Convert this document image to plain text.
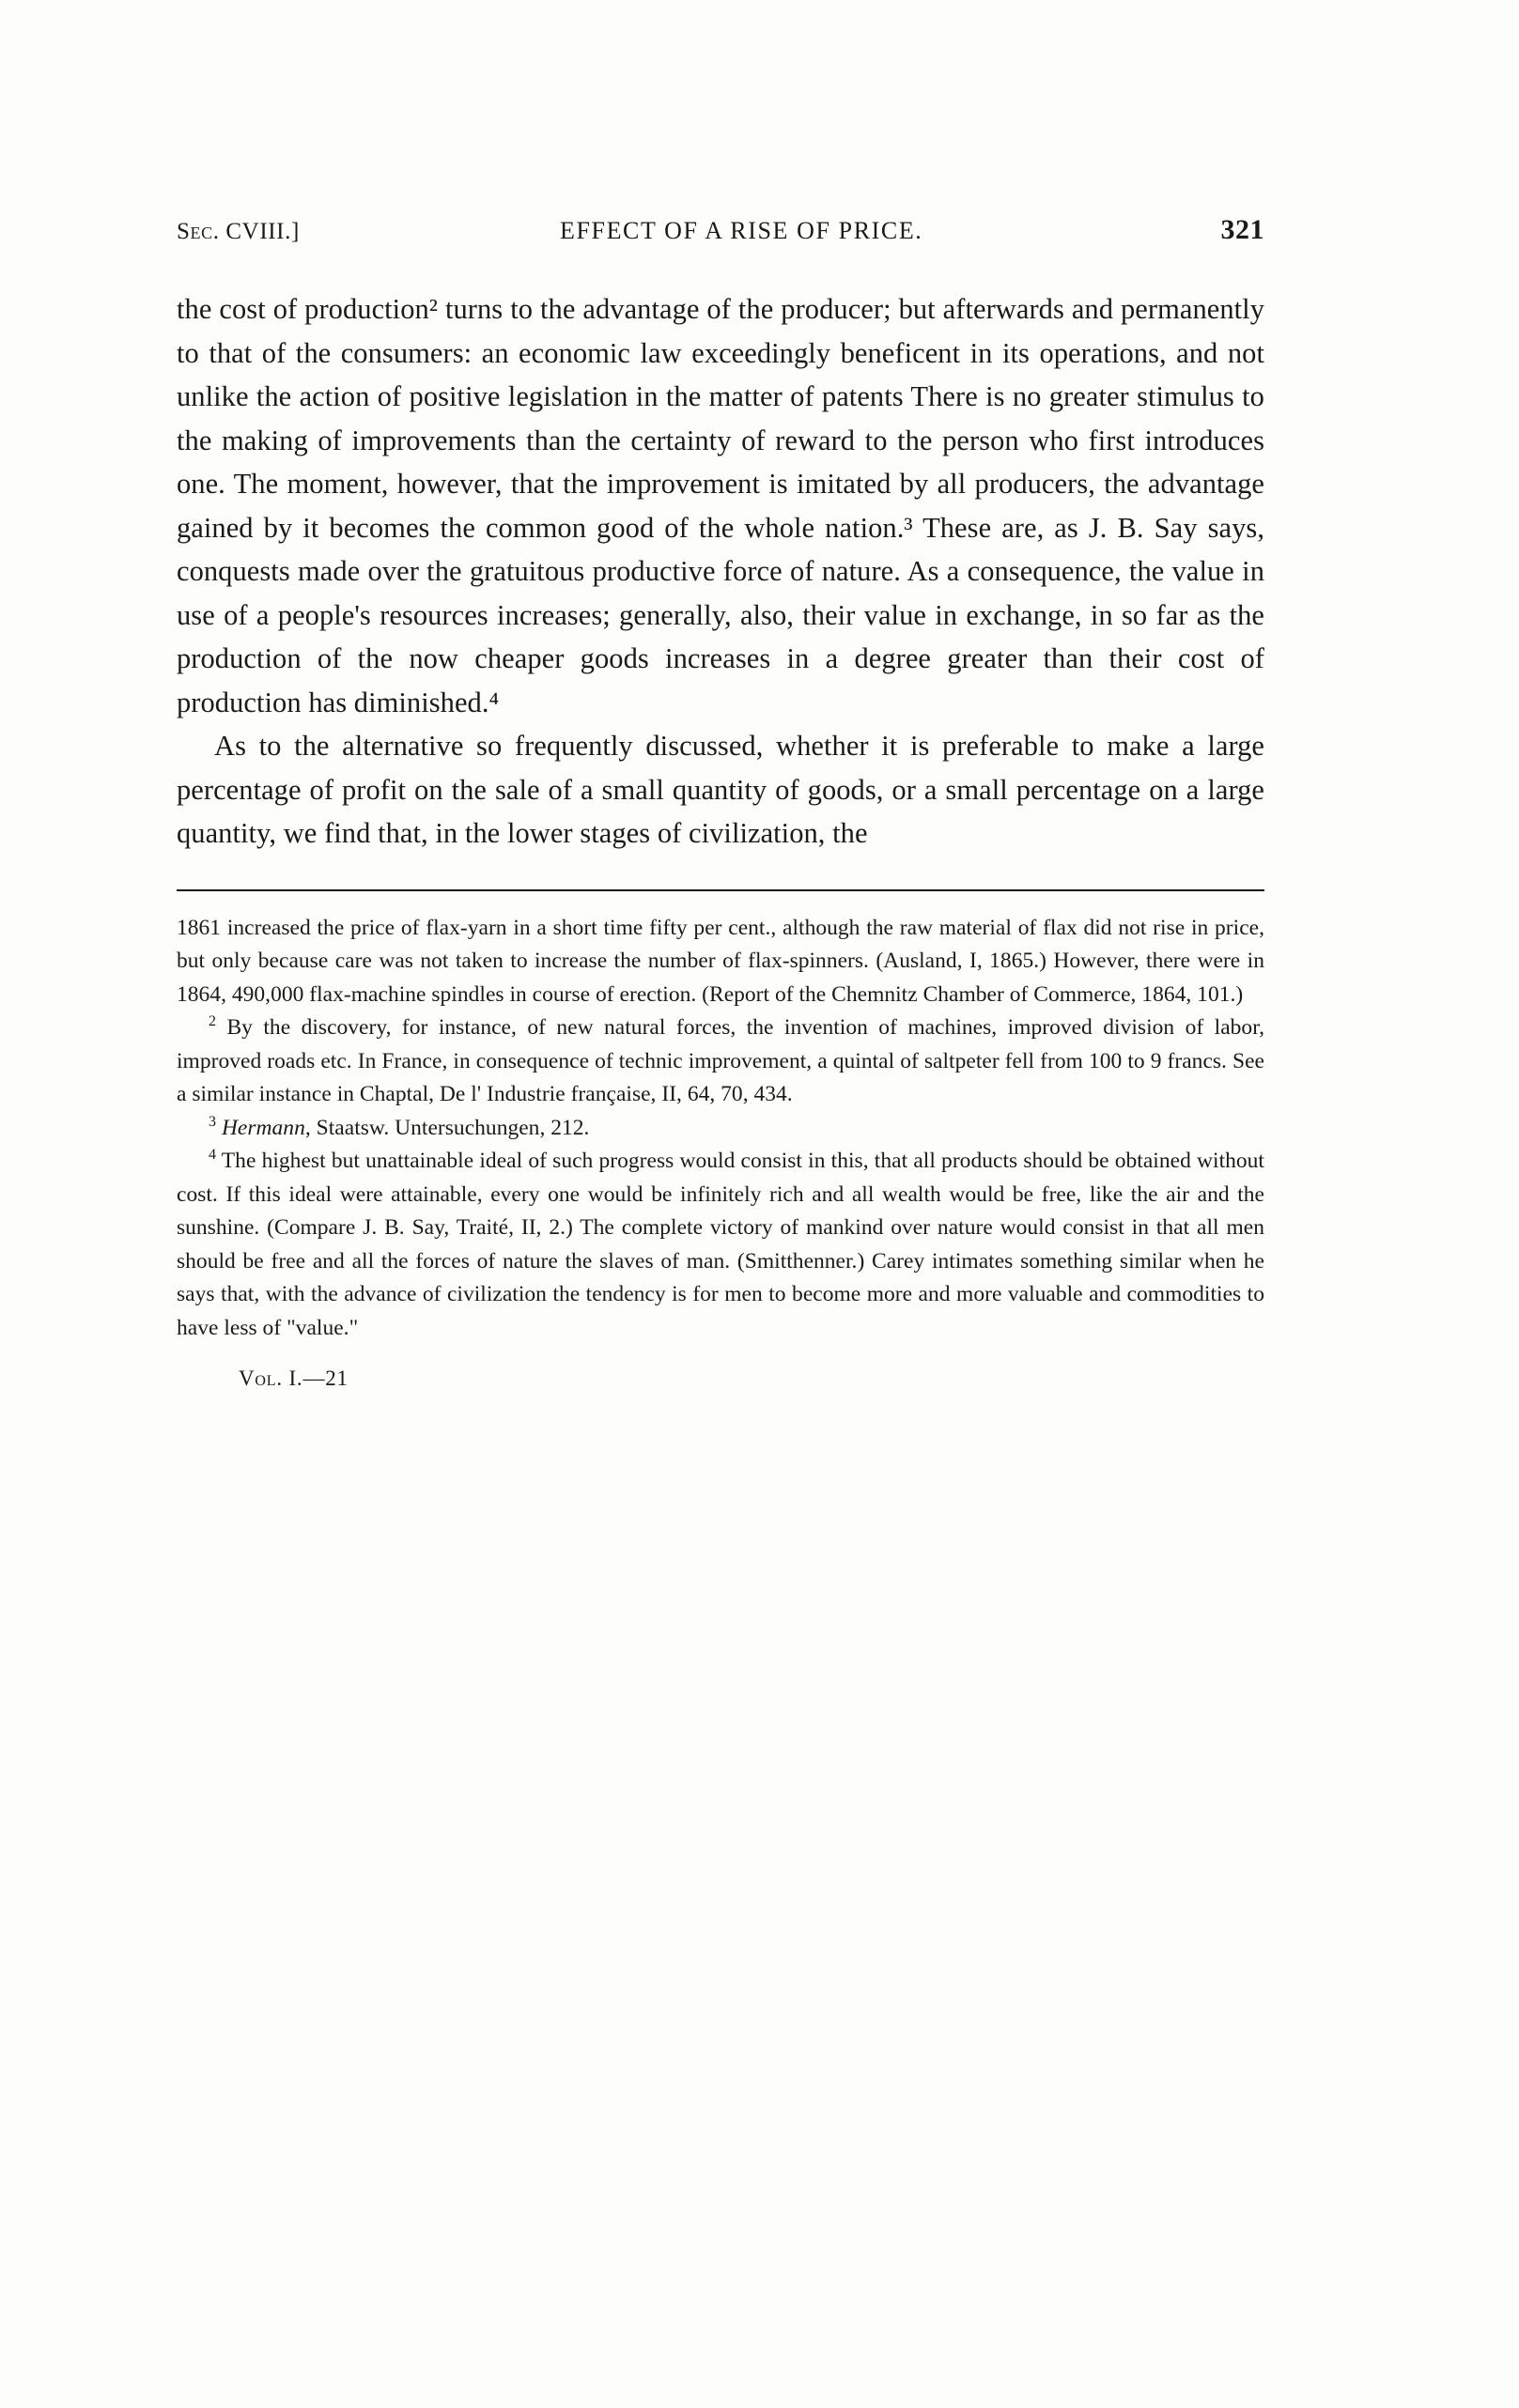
Sec. CVIII.]	EFFECT OF A RISE OF PRICE.	321

the cost of production² turns to the advantage of the producer; but afterwards and permanently to that of the consumers: an economic law exceedingly beneficent in its operations, and not unlike the action of positive legislation in the matter of patents There is no greater stimulus to the making of improvements than the certainty of reward to the person who first introduces one. The moment, however, that the improvement is imitated by all producers, the advantage gained by it becomes the common good of the whole nation.³ These are, as J. B. Say says, conquests made over the gratuitous productive force of nature. As a consequence, the value in use of a people's resources increases; generally, also, their value in exchange, in so far as the production of the now cheaper goods increases in a degree greater than their cost of production has diminished.⁴

As to the alternative so frequently discussed, whether it is preferable to make a large percentage of profit on the sale of a small quantity of goods, or a small percentage on a large quantity, we find that, in the lower stages of civilization, the

1861 increased the price of flax-yarn in a short time fifty per cent., although the raw material of flax did not rise in price, but only because care was not taken to increase the number of flax-spinners. (Ausland, I, 1865.) However, there were in 1864, 490,000 flax-machine spindles in course of erection. (Report of the Chemnitz Chamber of Commerce, 1864, 101.)

$^2$ By the discovery, for instance, of new natural forces, the invention of machines, improved division of labor, improved roads etc. In France, in consequence of technic improvement, a quintal of saltpeter fell from 100 to 9 francs. See a similar instance in Chaptal, De l' Industrie française, II, 64, 70, 434.

$^3$ Hermann, Staatsw. Untersuchungen, 212.

$^4$ The highest but unattainable ideal of such progress would consist in this, that all products should be obtained without cost. If this ideal were attainable, every one would be infinitely rich and all wealth would be free, like the air and the sunshine. (Compare J. B. Say, Traité, II, 2.) The complete victory of mankind over nature would consist in that all men should be free and all the forces of nature the slaves of man. (Smitthenner.) Carey intimates something similar when he says that, with the advance of civilization the tendency is for men to become more and more valuable and commodities to have less of "value."

Vol. I.—21
